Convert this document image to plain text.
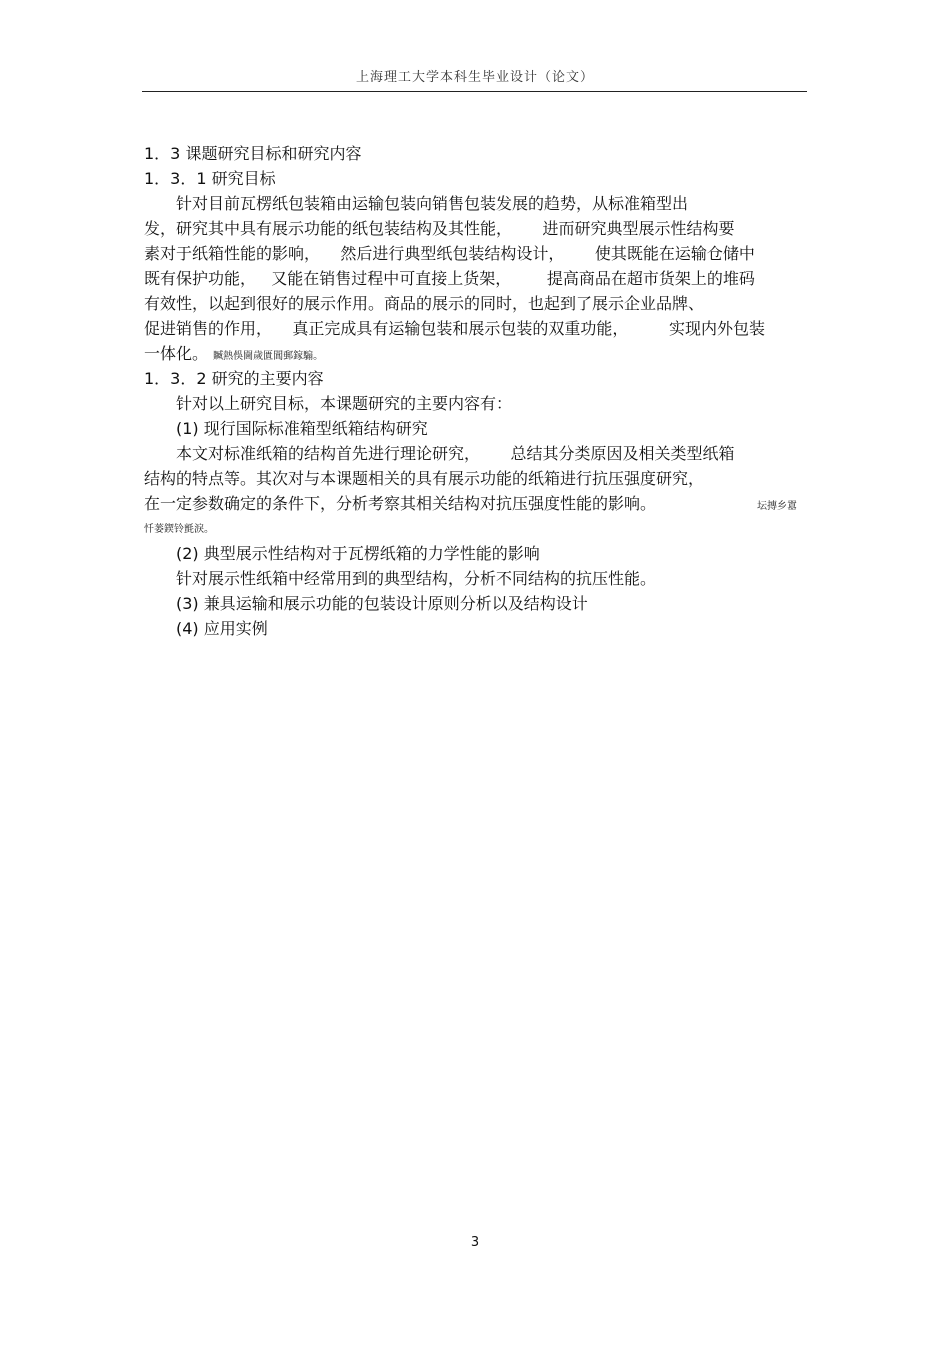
上海理工大学本科生毕业设计（论文）
1．3 课题研究目标和研究内容
1．3．1 研究目标
针对目前瓦楞纸包装箱由运输包装向销售包装发展的趋势，从标准箱型出
发，研究其中具有展示功能的纸包装结构及其性能，      进而研究典型展示性结构要
素对于纸箱性能的影响，    然后进行典型纸包装结构设计，      使其既能在运输仓储中
既有保护功能，   又能在销售过程中可直接上货架，       提高商品在超市货架上的堆码
有效性，以起到很好的展示作用。商品的展示的同时，也起到了展示企业品牌、
促进销售的作用，    真正完成具有运输包装和展示包装的双重功能，        实现内外包装
一体化。 贓熱俁閫歲匱閶郵鎵騸。
1．3．2 研究的主要内容
针对以上研究目标，本课题研究的主要内容有：
(1) 现行国际标准箱型纸箱结构研究
本文对标准纸箱的结构首先进行理论研究，      总结其分类原因及相关类型纸箱
结构的特点等。其次对与本课题相关的具有展示功能的纸箱进行抗压强度研究，
在一定参数确定的条件下，分析考察其相关结构对抗压强度性能的影响。	坛摶乡囂
忏蒌鍥铃氈淚。
(2) 典型展示性结构对于瓦楞纸箱的力学性能的影响
针对展示性纸箱中经常用到的典型结构，分析不同结构的抗压性能。
(3) 兼具运输和展示功能的包装设计原则分析以及结构设计
(4) 应用实例
3
